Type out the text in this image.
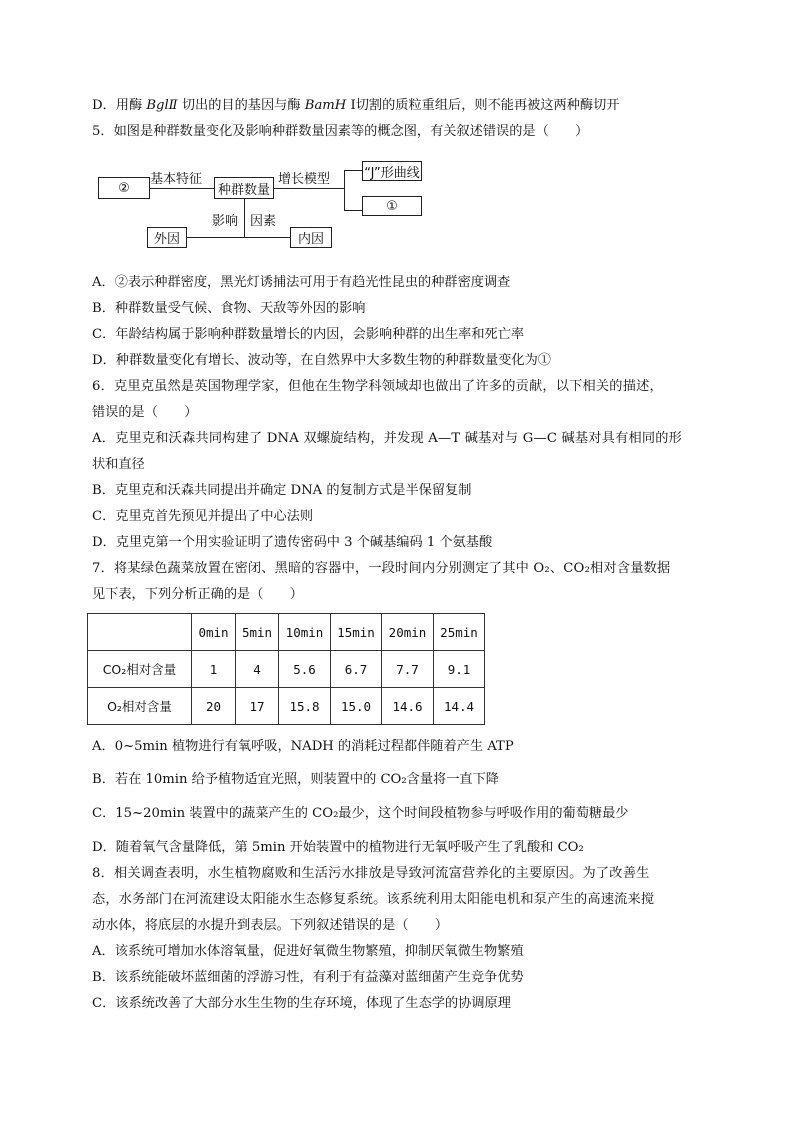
D．用酶 BglⅡ 切出的目的基因与酶 BamH Ⅰ切割的质粒重组后，则不能再被这两种酶切开
5．如图是种群数量变化及影响种群数量因素等的概念图，有关叙述错误的是（　　）
②
基本特征
种群数量
增长模型	“J”形曲线
①
影响 因素
外因	内因
A．②表示种群密度，黑光灯诱捕法可用于有趋光性昆虫的种群密度调查
B．种群数量受气候、食物、天敌等外因的影响
C．年龄结构属于影响种群数量增长的内因，会影响种群的出生率和死亡率
D．种群数量变化有增长、波动等，在自然界中大多数生物的种群数量变化为①
6．克里克虽然是英国物理学家，但他在生物学科领域却也做出了许多的贡献，以下相关的描述，
错误的是（　　）
A．克里克和沃森共同构建了 DNA 双螺旋结构，并发现 A—T 碱基对与 G—C 碱基对具有相同的形
状和直径
B．克里克和沃森共同提出并确定 DNA 的复制方式是半保留复制
C．克里克首先预见并提出了中心法则
D．克里克第一个用实验证明了遗传密码中 3 个碱基编码 1 个氨基酸
7．将某绿色蔬菜放置在密闭、黑暗的容器中，一段时间内分别测定了其中 O₂、CO₂相对含量数据
见下表，下列分析正确的是（　　）
	0min	5min	10min	15min	20min	25min
CO₂相对含量	1	4	5.6	6.7	7.7	9.1
O₂相对含量	20	17	15.8	15.0	14.6	14.4
A．0~5min 植物进行有氧呼吸，NADH 的消耗过程都伴随着产生 ATP
B．若在 10min 给予植物适宜光照，则装置中的 CO₂含量将一直下降
C．15~20min 装置中的蔬菜产生的 CO₂最少，这个时间段植物参与呼吸作用的葡萄糖最少
D．随着氧气含量降低，第 5min 开始装置中的植物进行无氧呼吸产生了乳酸和 CO₂
8．相关调查表明，水生植物腐败和生活污水排放是导致河流富营养化的主要原因。为了改善生
态，水务部门在河流建设太阳能水生态修复系统。该系统利用太阳能电机和泵产生的高速流来搅
动水体，将底层的水提升到表层。下列叙述错误的是（　　）
A．该系统可增加水体溶氧量，促进好氧微生物繁殖，抑制厌氧微生物繁殖
B．该系统能破坏蓝细菌的浮游习性，有利于有益藻对蓝细菌产生竞争优势
C．该系统改善了大部分水生生物的生存环境，体现了生态学的协调原理
